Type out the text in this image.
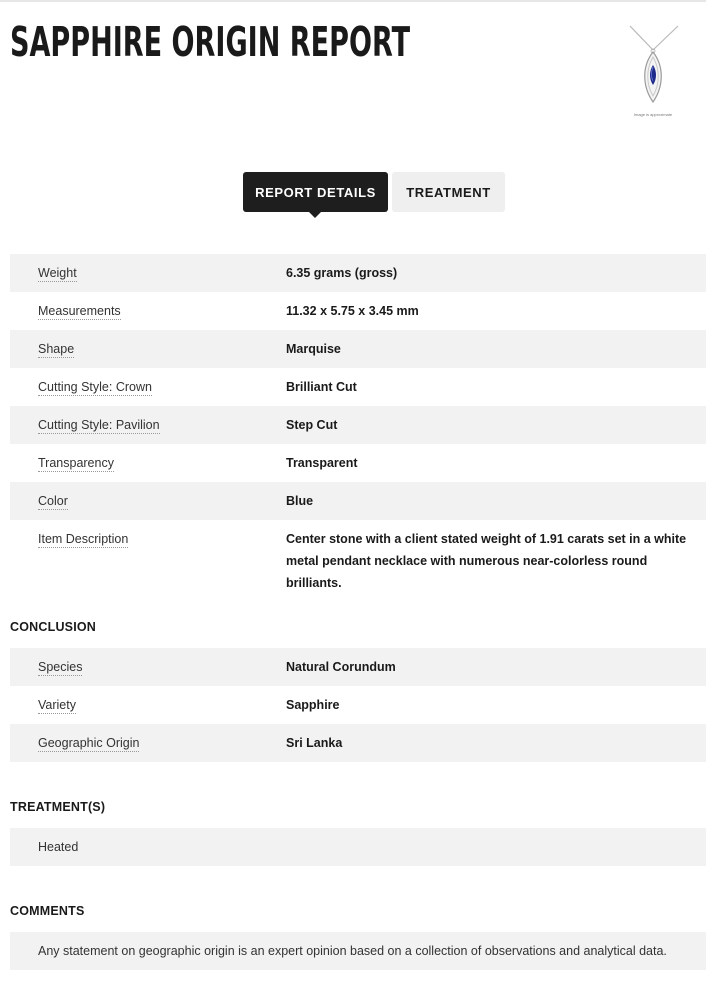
SAPPHIRE ORIGIN REPORT
Image is approximate
REPORT DETAILS	TREATMENT
Weight	6.35 grams (gross)
Measurements	11.32 x 5.75 x 3.45 mm
Shape	Marquise
Cutting Style: Crown	Brilliant Cut
Cutting Style: Pavilion	Step Cut
Transparency	Transparent
Color	Blue
Item Description	Center stone with a client stated weight of 1.91 carats set in a white metal pendant necklace with numerous near-colorless round brilliants.
CONCLUSION
Species	Natural Corundum
Variety	Sapphire
Geographic Origin	Sri Lanka
TREATMENT(S)
Heated
COMMENTS
Any statement on geographic origin is an expert opinion based on a collection of observations and analytical data.
